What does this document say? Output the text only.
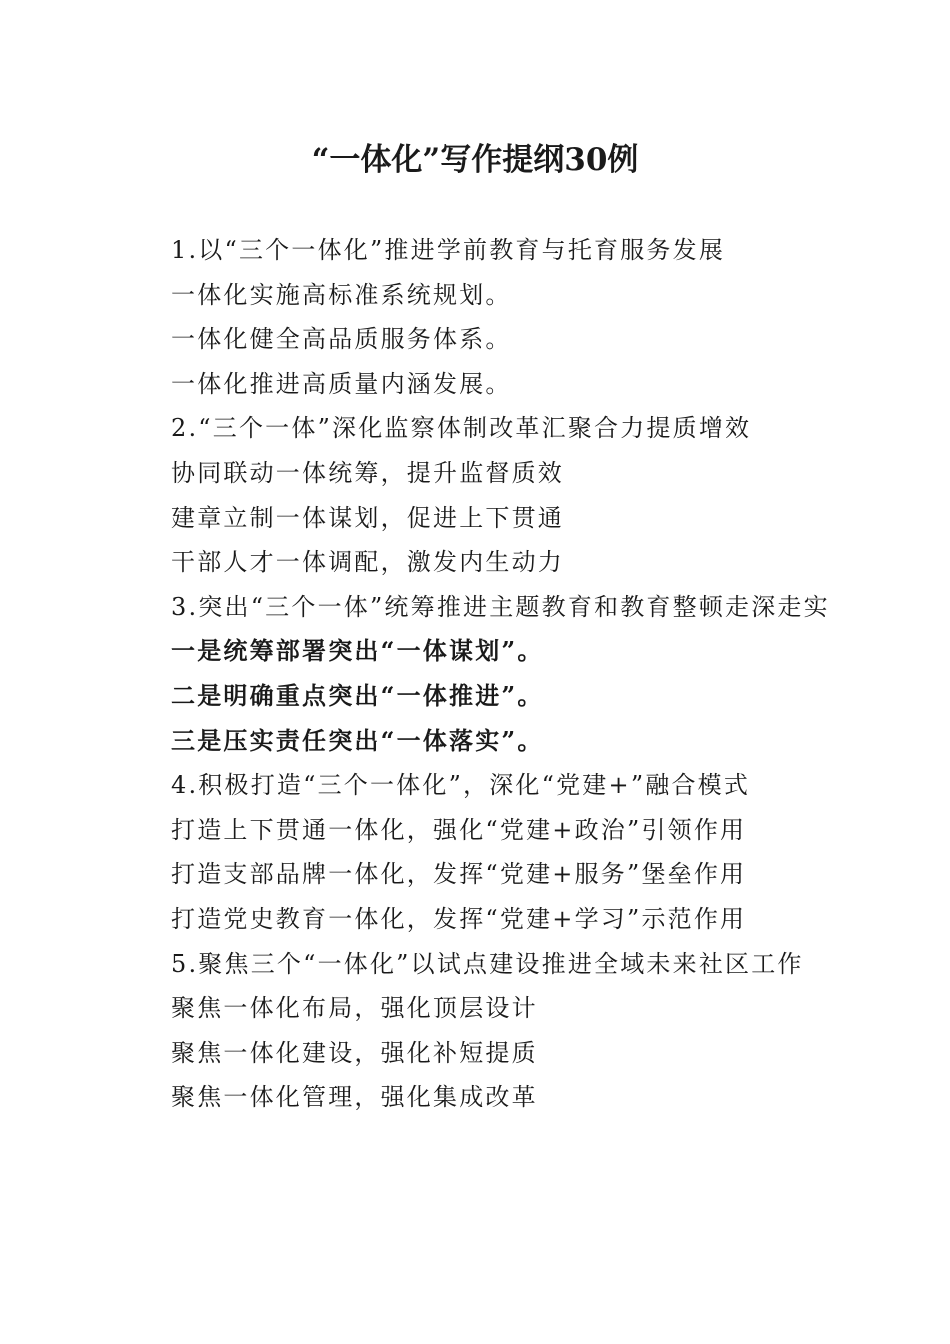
“一体化”写作提纲30例

1.以“三个一体化”推进学前教育与托育服务发展

一体化实施高标准系统规划。

一体化健全高品质服务体系。

一体化推进高质量内涵发展。

2.“三个一体”深化监察体制改革汇聚合力提质增效

协同联动一体统筹，提升监督质效

建章立制一体谋划，促进上下贯通

干部人才一体调配，激发内生动力

3.突出“三个一体”统筹推进主题教育和教育整顿走深走实

一是统筹部署突出“一体谋划”。

二是明确重点突出“一体推进”。

三是压实责任突出“一体落实”。

4.积极打造“三个一体化”，深化“党建+”融合模式

打造上下贯通一体化，强化“党建+政治”引领作用

打造支部品牌一体化，发挥“党建+服务”堡垒作用

打造党史教育一体化，发挥“党建+学习”示范作用

5.聚焦三个“一体化”以试点建设推进全域未来社区工作

聚焦一体化布局，强化顶层设计

聚焦一体化建设，强化补短提质

聚焦一体化管理，强化集成改革
